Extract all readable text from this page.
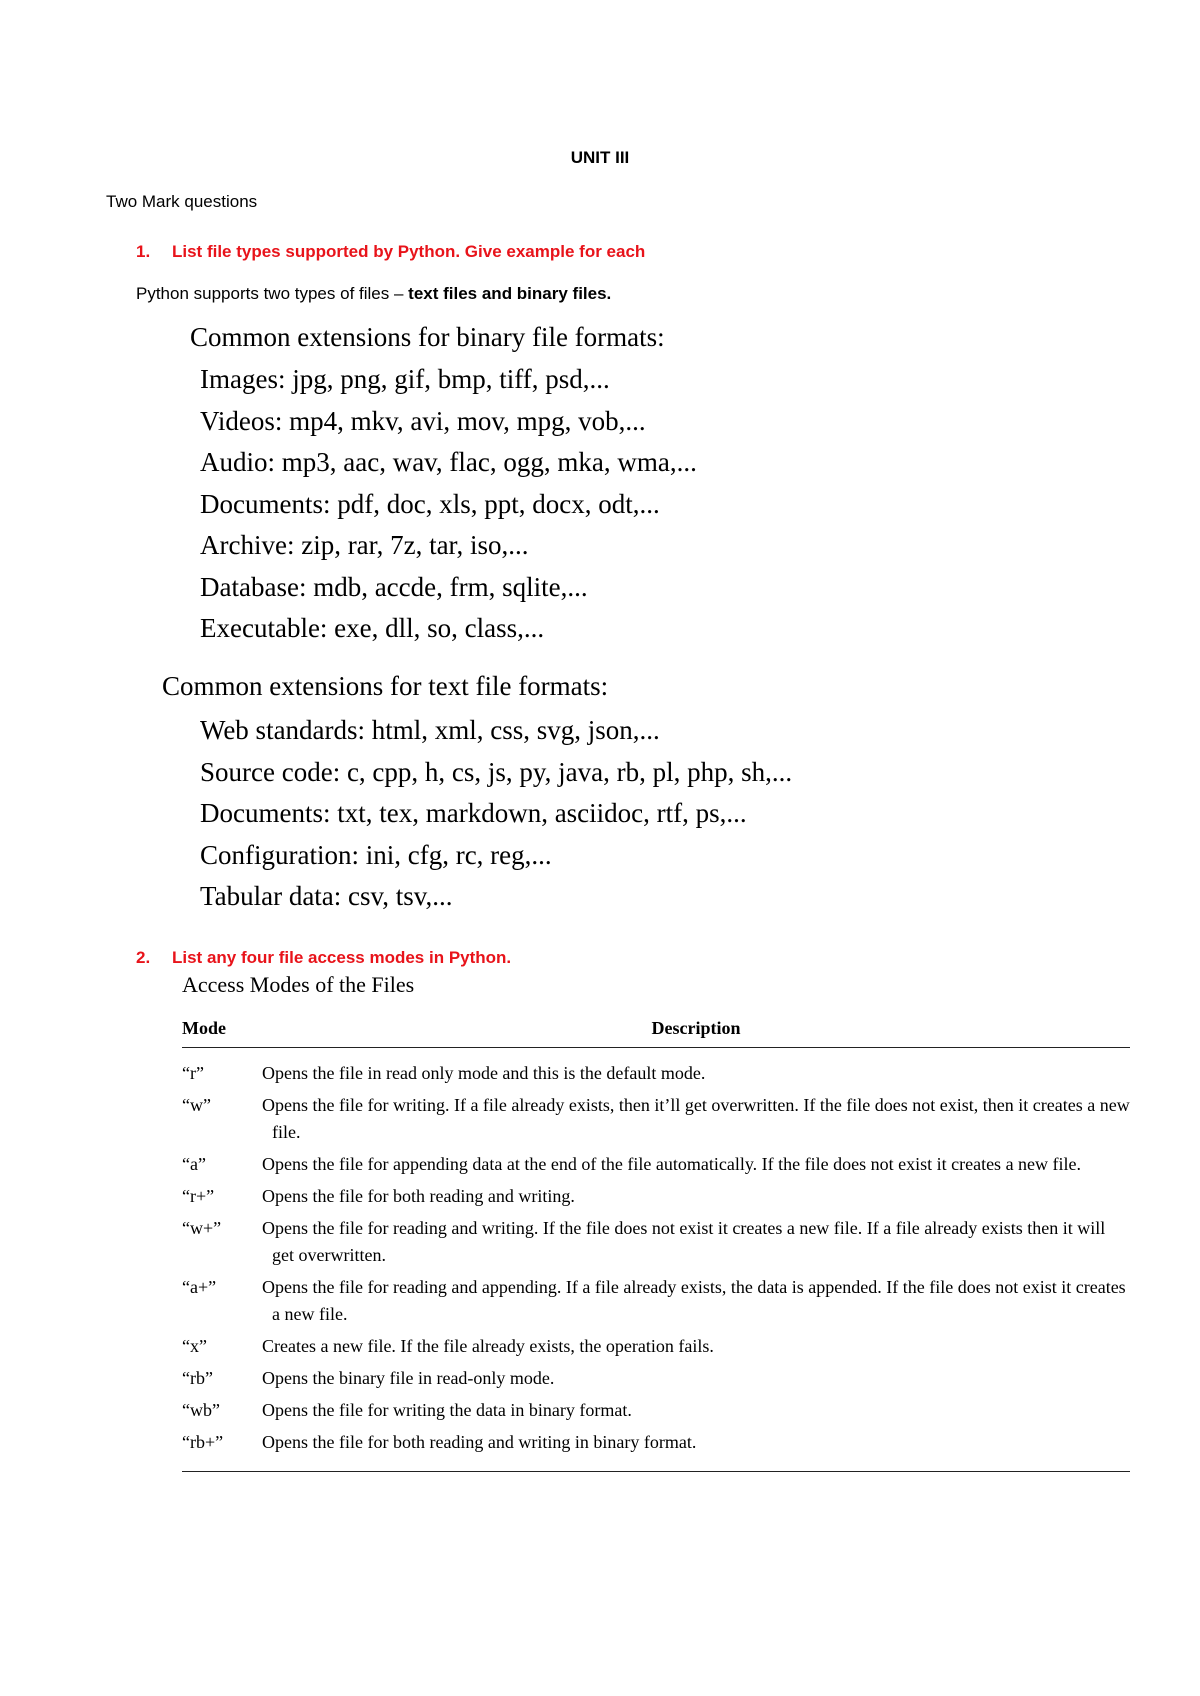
UNIT III
Two Mark questions
1. List file types supported by Python. Give example for each
Python supports two types of files – text files and binary files.
Common extensions for binary file formats:
Images: jpg, png, gif, bmp, tiff, psd,...
Videos: mp4, mkv, avi, mov, mpg, vob,...
Audio: mp3, aac, wav, flac, ogg, mka, wma,...
Documents: pdf, doc, xls, ppt, docx, odt,...
Archive: zip, rar, 7z, tar, iso,...
Database: mdb, accde, frm, sqlite,...
Executable: exe, dll, so, class,...
Common extensions for text file formats:
Web standards: html, xml, css, svg, json,...
Source code: c, cpp, h, cs, js, py, java, rb, pl, php, sh,...
Documents: txt, tex, markdown, asciidoc, rtf, ps,...
Configuration: ini, cfg, rc, reg,...
Tabular data: csv, tsv,...
2. List any four file access modes in Python.
Access Modes of the Files
Mode	Description
“r”	Opens the file in read only mode and this is the default mode.
“w”	Opens the file for writing. If a file already exists, then it’ll get overwritten. If the file does not exist, then it creates a new file.
“a”	Opens the file for appending data at the end of the file automatically. If the file does not exist it creates a new file.
“r+”	Opens the file for both reading and writing.
“w+”	Opens the file for reading and writing. If the file does not exist it creates a new file. If a file already exists then it will get overwritten.
“a+”	Opens the file for reading and appending. If a file already exists, the data is appended. If the file does not exist it creates a new file.
“x”	Creates a new file. If the file already exists, the operation fails.
“rb”	Opens the binary file in read-only mode.
“wb”	Opens the file for writing the data in binary format.
“rb+”	Opens the file for both reading and writing in binary format.
